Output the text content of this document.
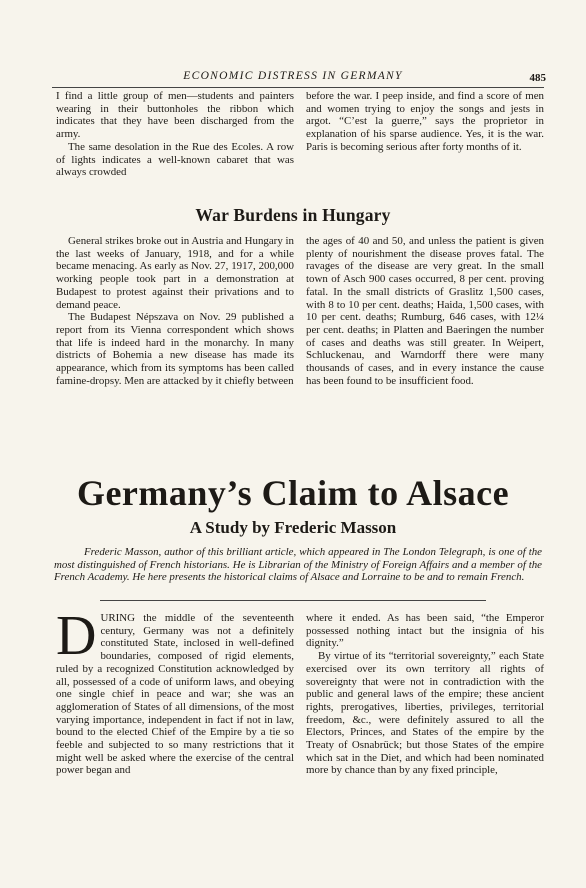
ECONOMIC DISTRESS IN GERMANY	485

I find a little group of men—students and painters wearing in their buttonholes the ribbon which indicates that they have been discharged from the army.

The same desolation in the Rue des Ecoles. A row of lights indicates a well-known cabaret that was always crowded

before the war. I peep inside, and find a score of men and women trying to enjoy the songs and jests in argot. “C’est la guerre,” says the proprietor in explanation of his sparse audience. Yes, it is the war. Paris is becoming serious after forty months of it.

War Burdens in Hungary

General strikes broke out in Austria and Hungary in the last weeks of January, 1918, and for a while became menacing. As early as Nov. 27, 1917, 200,000 working people took part in a demonstration at Budapest to protest against their privations and to demand peace.

The Budapest Népszava on Nov. 29 published a report from its Vienna correspondent which shows that life is indeed hard in the monarchy. In many districts of Bohemia a new disease has made its appearance, which from its symptoms has been called famine-dropsy. Men are attacked by it chiefly between

the ages of 40 and 50, and unless the patient is given plenty of nourishment the disease proves fatal. The ravages of the disease are very great. In the small town of Asch 900 cases occurred, 8 per cent. proving fatal. In the small districts of Graslitz 1,500 cases, with 8 to 10 per cent. deaths; Haida, 1,500 cases, with 10 per cent. deaths; Rumburg, 646 cases, with 12¼ per cent. deaths; in Platten and Baeringen the number of cases and deaths was still greater. In Weipert, Schluckenau, and Warndorff there were many thousands of cases, and in every instance the cause has been found to be insufficient food.

Germany’s Claim to Alsace
A Study by Frederic Masson

Frederic Masson, author of this brilliant article, which appeared in The London Telegraph, is one of the most distinguished of French historians. He is Librarian of the Ministry of Foreign Affairs and a member of the French Academy. He here presents the historical claims of Alsace and Lorraine to be and to remain French.

DURING the middle of the seventeenth century, Germany was not a definitely constituted State, inclosed in well-defined boundaries, composed of rigid elements, ruled by a recognized Constitution acknowledged by all, possessed of a code of uniform laws, and obeying one single chief in peace and war; she was an agglomeration of States of all dimensions, of the most varying importance, independent in fact if not in law, bound to the elected Chief of the Empire by a tie so feeble and subjected to so many restrictions that it might well be asked where the exercise of the central power began and

where it ended. As has been said, “the Emperor possessed nothing intact but the insignia of his dignity.”

By virtue of its “territorial sovereignty,” each State exercised over its own territory all rights of sovereignty that were not in contradiction with the public and general laws of the empire; these ancient rights, prerogatives, liberties, privileges, territorial freedom, &c., were definitely assured to all the Electors, Princes, and States of the empire by the Treaty of Osnabrück; but those States of the empire which sat in the Diet, and which had been nominated more by chance than by any fixed principle,
